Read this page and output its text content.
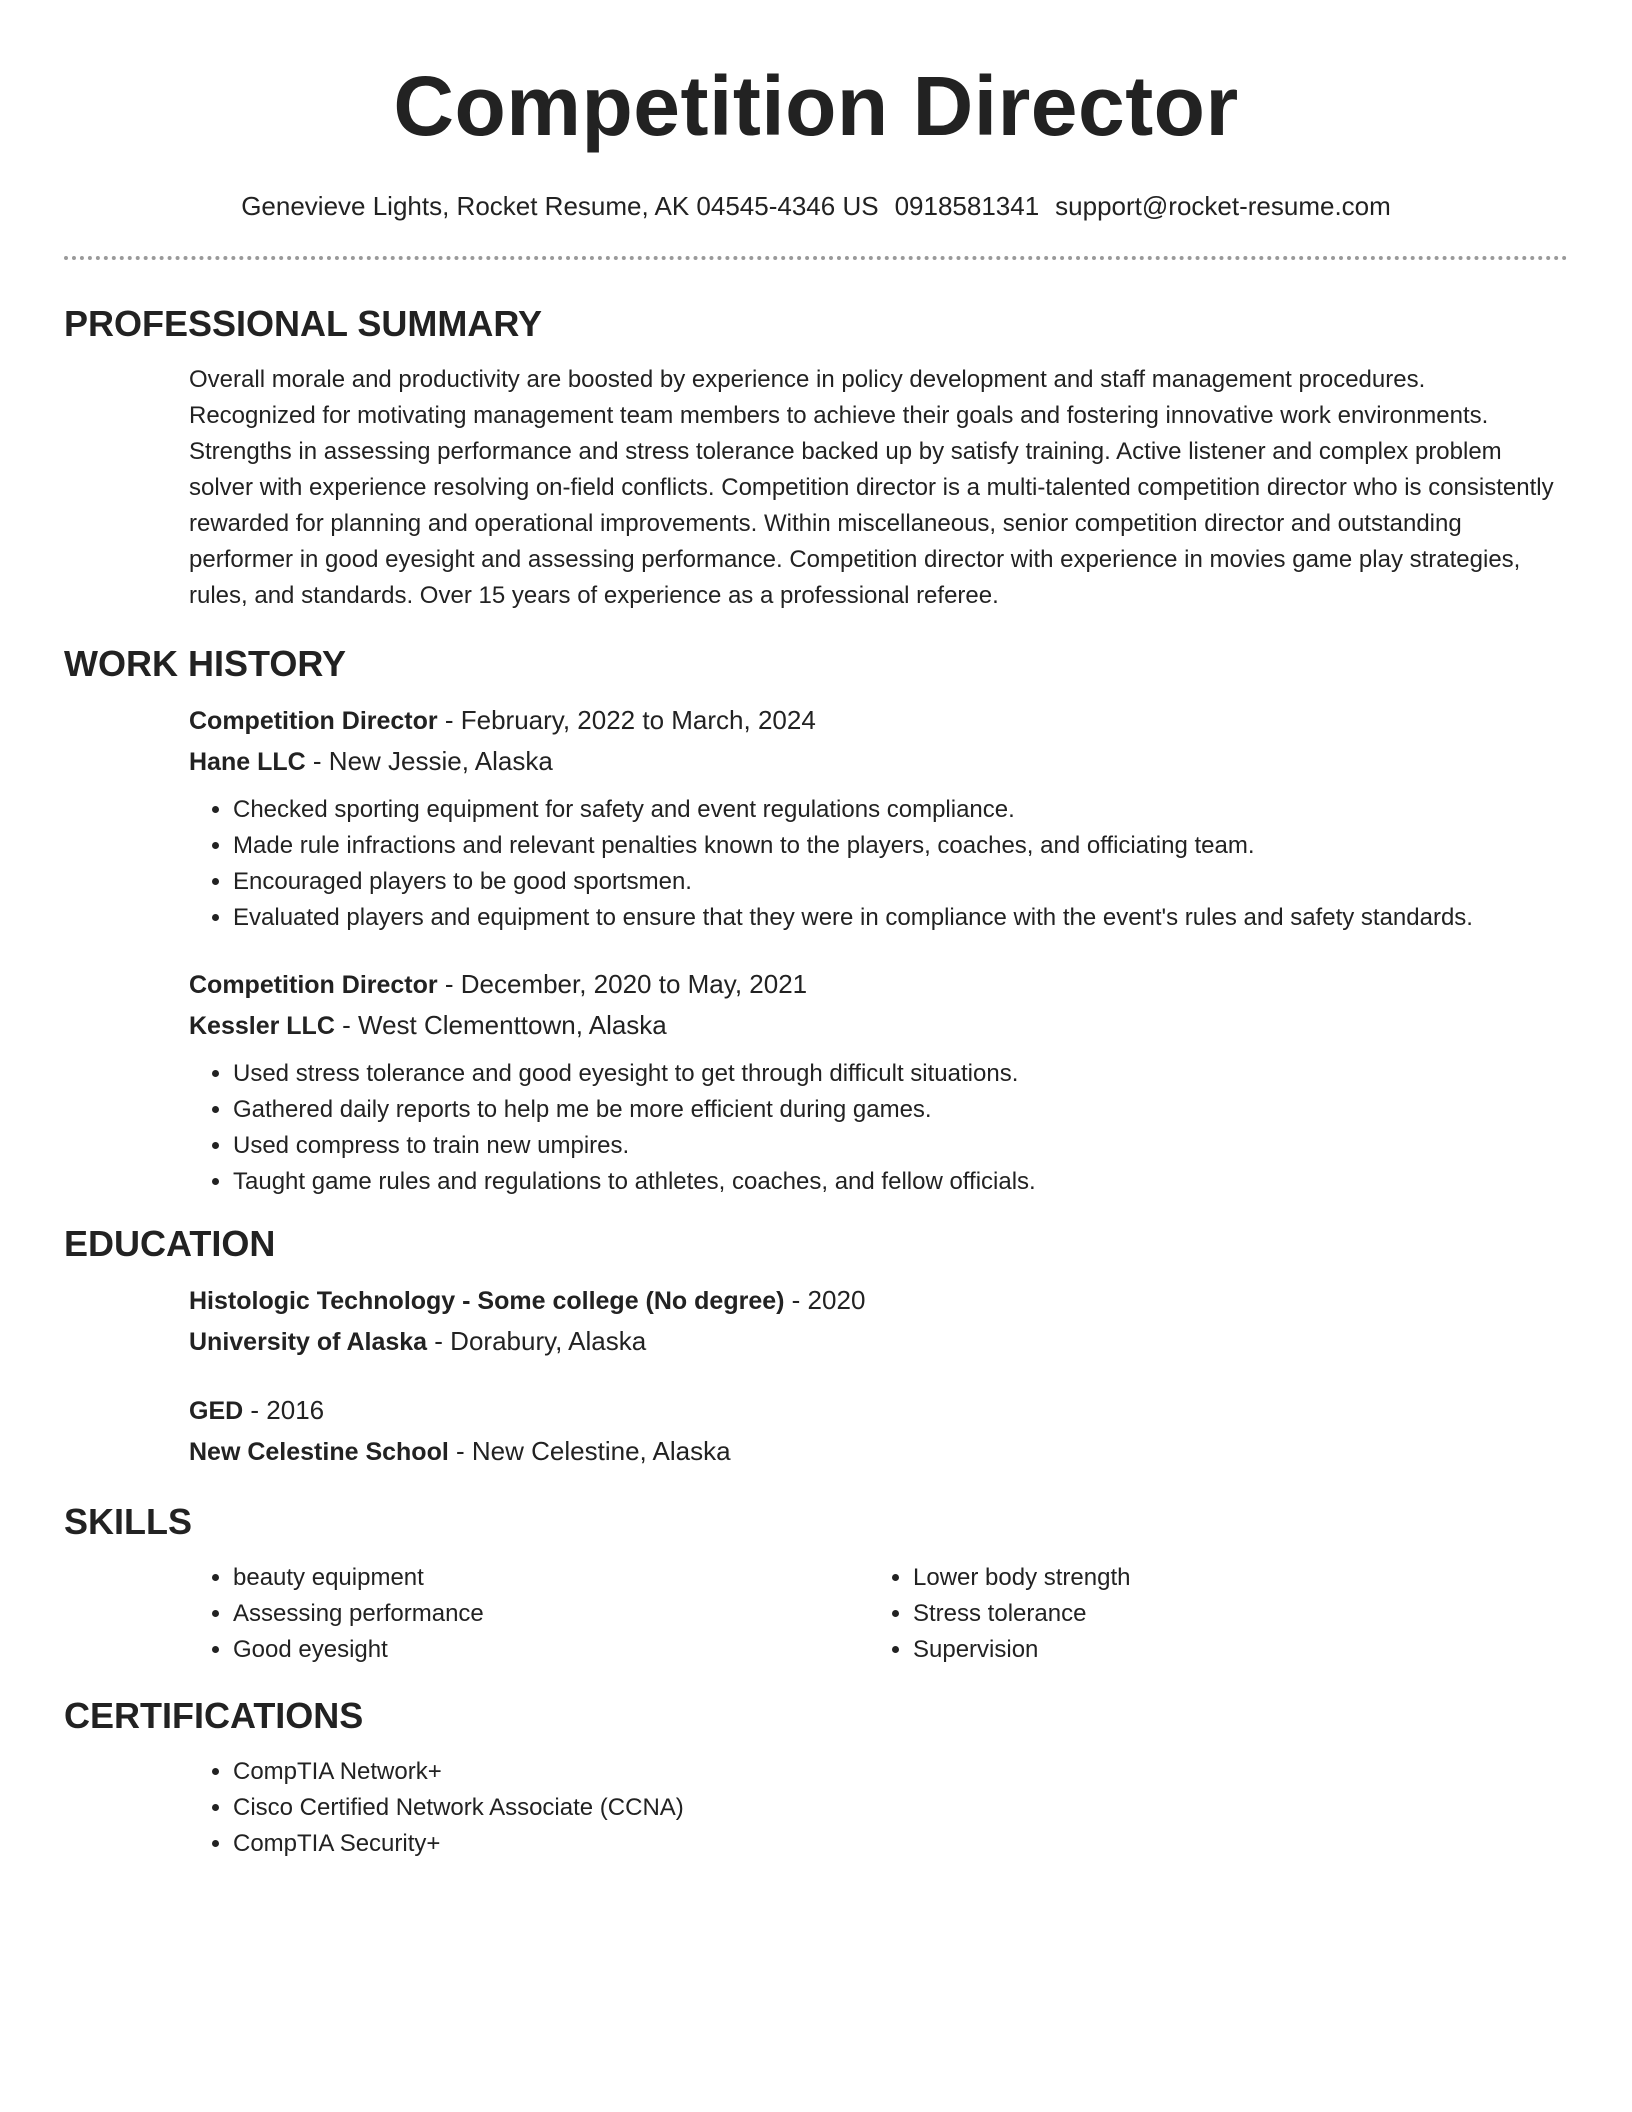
Competition Director
Genevieve Lights, Rocket Resume, AK 04545-4346 US 0918581341 support@rocket-resume.com
PROFESSIONAL SUMMARY

Overall morale and productivity are boosted by experience in policy development and staff management procedures. Recognized for motivating management team members to achieve their goals and fostering innovative work environments. Strengths in assessing performance and stress tolerance backed up by satisfy training. Active listener and complex problem solver with experience resolving on-field conflicts. Competition director is a multi-talented competition director who is consistently rewarded for planning and operational improvements. Within miscellaneous, senior competition director and outstanding performer in good eyesight and assessing performance. Competition director with experience in movies game play strategies, rules, and standards. Over 15 years of experience as a professional referee.

WORK HISTORY
Competition Director - February, 2022 to March, 2024
Hane LLC - New Jessie, Alaska
• Checked sporting equipment for safety and event regulations compliance.
• Made rule infractions and relevant penalties known to the players, coaches, and officiating team.
• Encouraged players to be good sportsmen.
• Evaluated players and equipment to ensure that they were in compliance with the event's rules and safety standards.
Competition Director - December, 2020 to May, 2021
Kessler LLC - West Clementtown, Alaska
• Used stress tolerance and good eyesight to get through difficult situations.
• Gathered daily reports to help me be more efficient during games.
• Used compress to train new umpires.
• Taught game rules and regulations to athletes, coaches, and fellow officials.
EDUCATION
Histologic Technology - Some college (No degree) - 2020
University of Alaska - Dorabury, Alaska
GED - 2016
New Celestine School - New Celestine, Alaska
SKILLS
• beauty equipment
• Assessing performance
• Good eyesight
• Lower body strength
• Stress tolerance
• Supervision
CERTIFICATIONS
• CompTIA Network+
• Cisco Certified Network Associate (CCNA)
• CompTIA Security+
